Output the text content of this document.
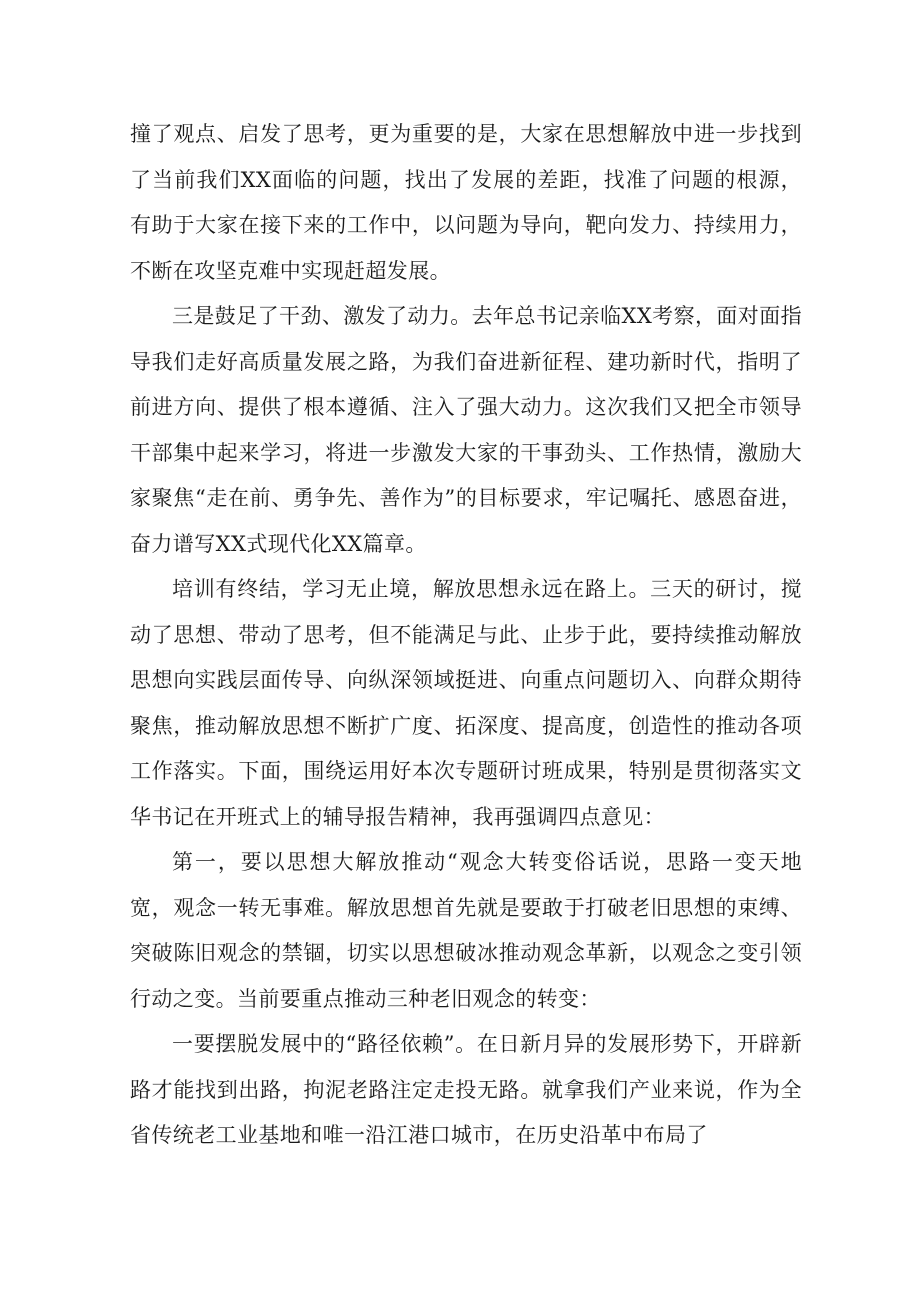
撞了观点、启发了思考，更为重要的是，大家在思想解放中进一步找到了当前我们XX面临的问题，找出了发展的差距，找准了问题的根源，有助于大家在接下来的工作中，以问题为导向，靶向发力、持续用力，不断在攻坚克难中实现赶超发展。

三是鼓足了干劲、激发了动力。去年总书记亲临XX考察，面对面指导我们走好高质量发展之路，为我们奋进新征程、建功新时代，指明了前进方向、提供了根本遵循、注入了强大动力。这次我们又把全市领导干部集中起来学习，将进一步激发大家的干事劲头、工作热情，激励大家聚焦“走在前、勇争先、善作为”的目标要求，牢记嘱托、感恩奋进，奋力谱写XX式现代化XX篇章。

培训有终结，学习无止境，解放思想永远在路上。三天的研讨，搅动了思想、带动了思考，但不能满足与此、止步于此，要持续推动解放思想向实践层面传导、向纵深领域挺进、向重点问题切入、向群众期待聚焦，推动解放思想不断扩广度、拓深度、提高度，创造性的推动各项工作落实。下面，围绕运用好本次专题研讨班成果，特别是贯彻落实文华书记在开班式上的辅导报告精神，我再强调四点意见：

第一，要以思想大解放推动“观念大转变俗话说，思路一变天地宽，观念一转无事难。解放思想首先就是要敢于打破老旧思想的束缚、突破陈旧观念的禁锢，切实以思想破冰推动观念革新，以观念之变引领行动之变。当前要重点推动三种老旧观念的转变：

一要摆脱发展中的“路径依赖”。在日新月异的发展形势下，开辟新路才能找到出路，拘泥老路注定走投无路。就拿我们产业来说，作为全省传统老工业基地和唯一沿江港口城市，在历史沿革中布局了
